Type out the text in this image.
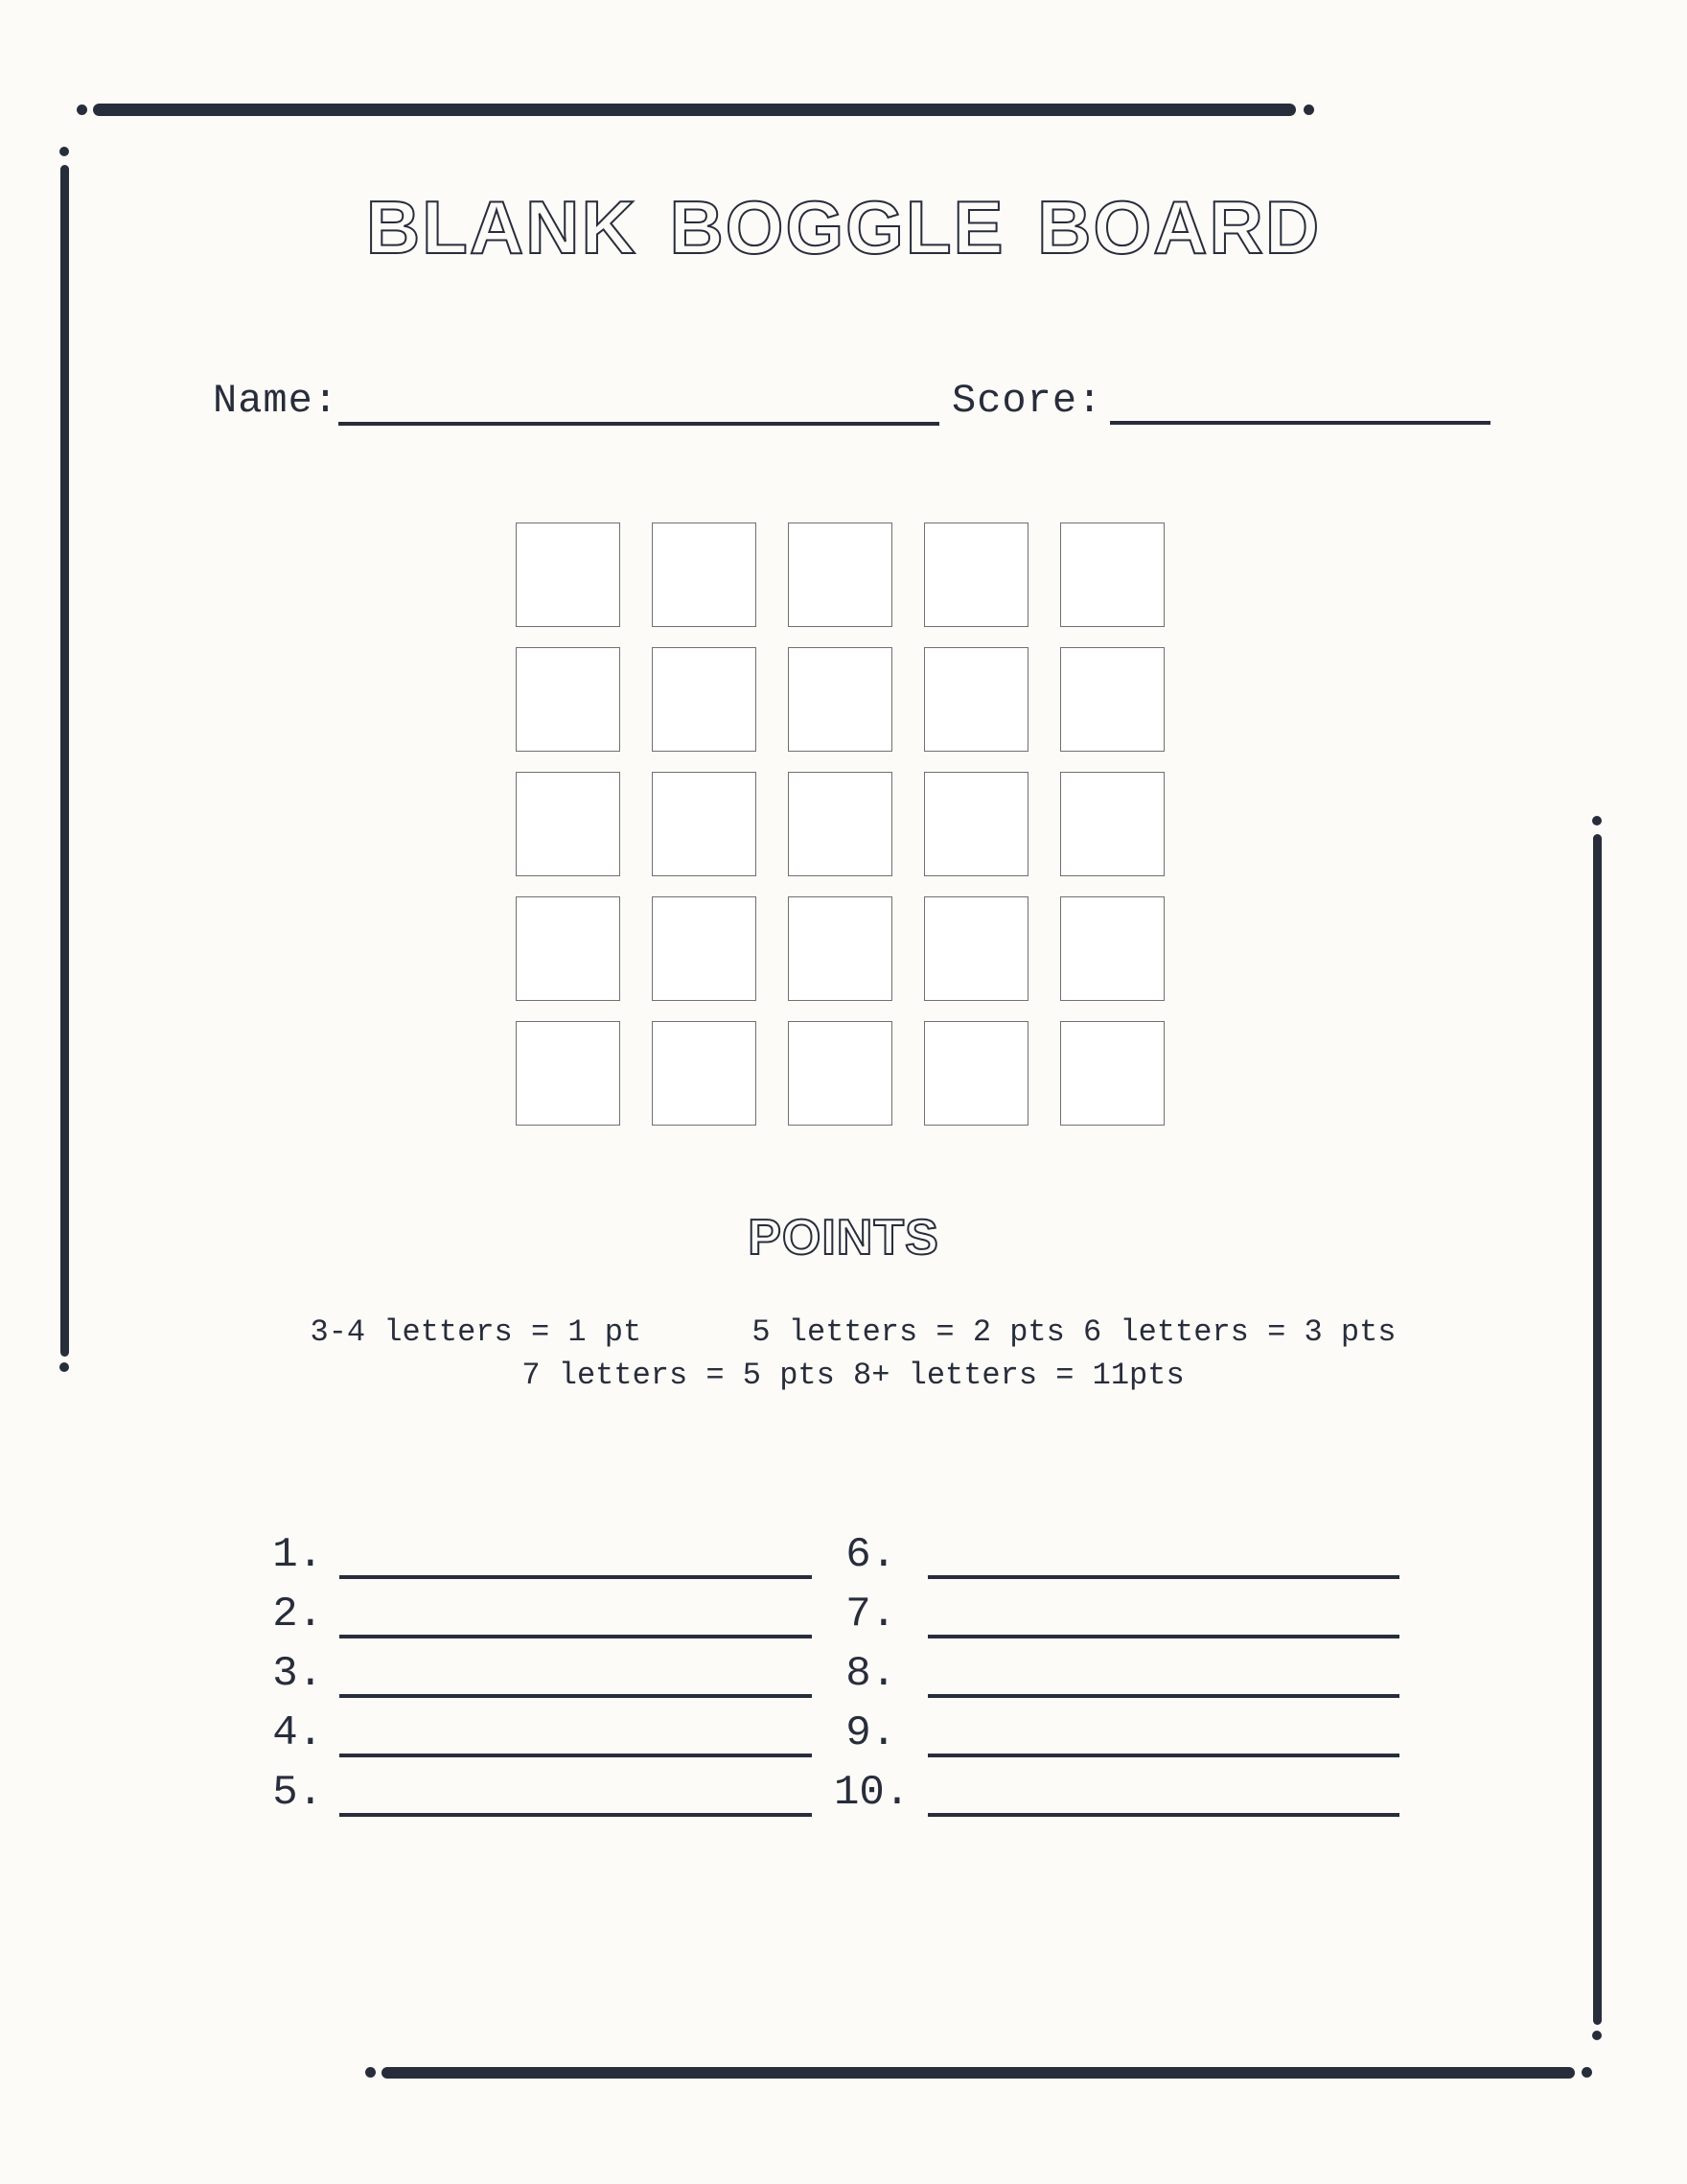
BLANK BOGGLE BOARD
Name:	Score:
POINTS
3-4 letters = 1 pt      5 letters = 2 pts 6 letters = 3 pts
7 letters = 5 pts 8+ letters = 11pts
1.
2.
3.
4.
5.
6.
7.
8.
9.
10.
